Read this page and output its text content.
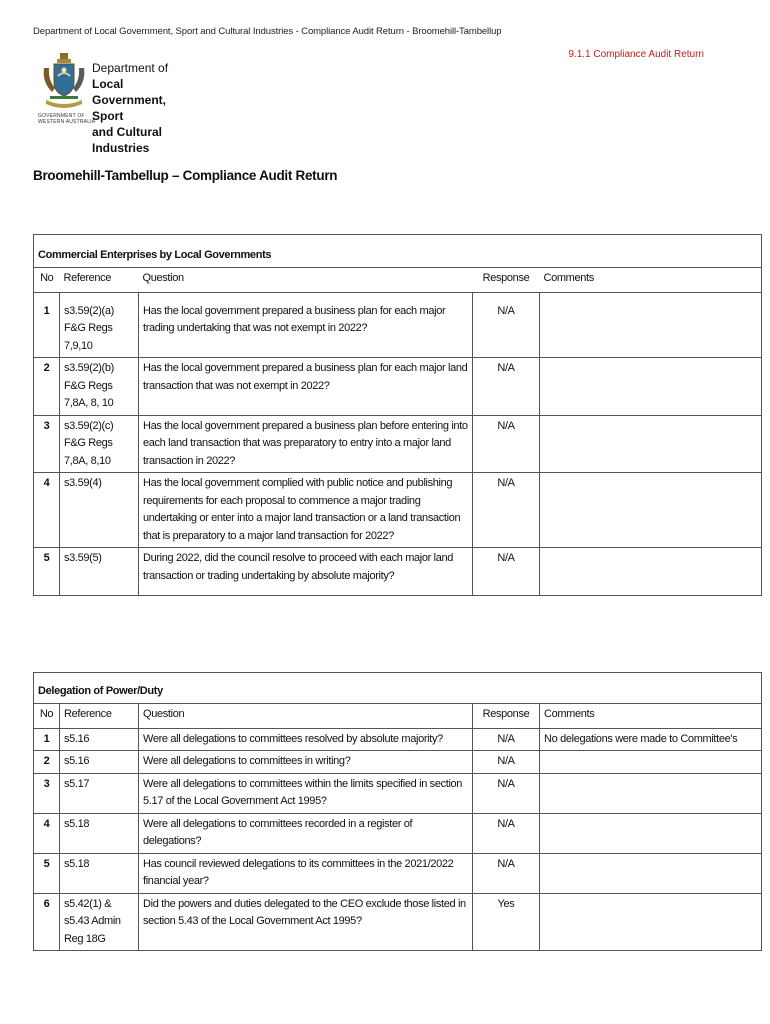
Department of Local Government, Sport and Cultural Industries - Compliance Audit Return - Broomehill-Tambellup
9.1.1 Compliance Audit Return
Department of
Local Government, Sport
and Cultural Industries
GOVERNMENT OF
WESTERN AUSTRALIA
Broomehill-Tambellup – Compliance Audit Return
Commercial Enterprises by Local Governments				
No	Reference	Question	Response	Comments
1	s3.59(2)(a) F&G Regs 7,9,10	Has the local government prepared a business plan for each major trading undertaking that was not exempt in 2022?	N/A	
2	s3.59(2)(b) F&G Regs 7,8A, 8, 10	Has the local government prepared a business plan for each major land transaction that was not exempt in 2022?	N/A	
3	s3.59(2)(c) F&G Regs 7,8A, 8,10	Has the local government prepared a business plan before entering into each land transaction that was preparatory to entry into a major land transaction in 2022?	N/A	
4	s3.59(4)	Has the local government complied with public notice and publishing requirements for each proposal to commence a major trading undertaking or enter into a major land transaction or a land transaction that is preparatory to a major land transaction for 2022?	N/A	
5	s3.59(5)	During 2022, did the council resolve to proceed with each major land transaction or trading undertaking by absolute majority?	N/A	
Delegation of Power/Duty				
No	Reference	Question	Response	Comments
1	s5.16	Were all delegations to committees resolved by absolute majority?	N/A	No delegations were made to Committee's
2	s5.16	Were all delegations to committees in writing?	N/A	
3	s5.17	Were all delegations to committees within the limits specified in section 5.17 of the Local Government Act 1995?	N/A	
4	s5.18	Were all delegations to committees recorded in a register of delegations?	N/A	
5	s5.18	Has council reviewed delegations to its committees in the 2021/2022 financial year?	N/A	
6	s5.42(1) & s5.43 Admin Reg 18G	Did the powers and duties delegated to the CEO exclude those listed in section 5.43 of the Local Government Act 1995?	Yes	
